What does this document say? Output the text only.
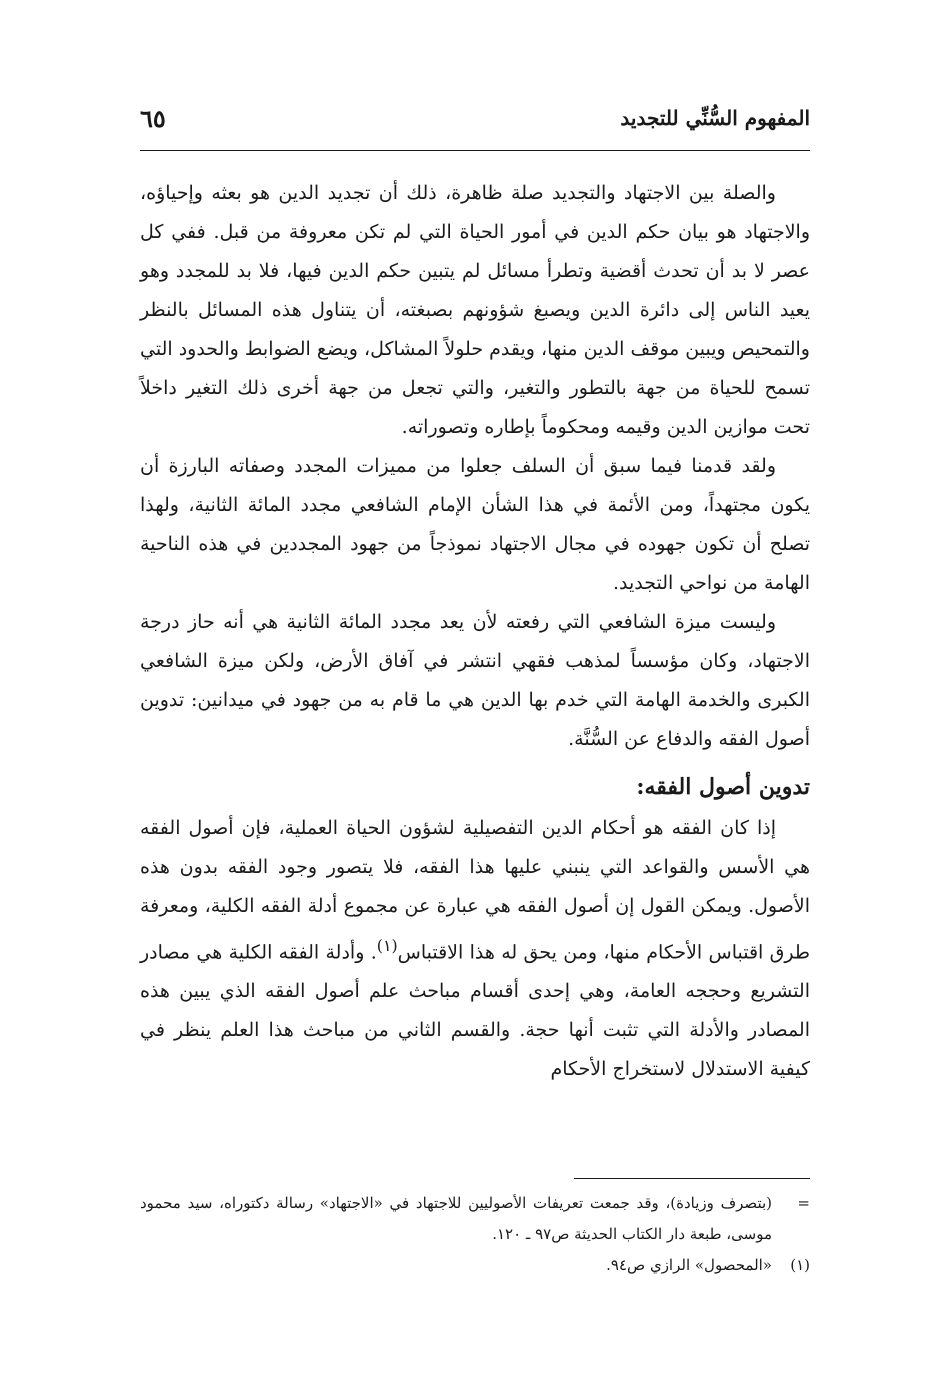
المفهوم السُّنِّي للتجديد
٦٥

والصلة بين الاجتهاد والتجديد صلة ظاهرة، ذلك أن تجديد الدين هو بعثه وإحياؤه، والاجتهاد هو بيان حكم الدين في أمور الحياة التي لم تكن معروفة من قبل. ففي كل عصر لا بد أن تحدث أقضية وتطرأ مسائل لم يتبين حكم الدين فيها، فلا بد للمجدد وهو يعيد الناس إلى دائرة الدين ويصبغ شؤونهم بصبغته، أن يتناول هذه المسائل بالنظر والتمحيص ويبين موقف الدين منها، ويقدم حلولاً المشاكل، ويضع الضوابط والحدود التي تسمح للحياة من جهة بالتطور والتغير، والتي تجعل من جهة أخرى ذلك التغير داخلاً تحت موازين الدين وقيمه ومحكوماً بإطاره وتصوراته.

ولقد قدمنا فيما سبق أن السلف جعلوا من مميزات المجدد وصفاته البارزة أن يكون مجتهداً، ومن الأئمة في هذا الشأن الإمام الشافعي مجدد المائة الثانية، ولهذا تصلح أن تكون جهوده في مجال الاجتهاد نموذجاً من جهود المجددين في هذه الناحية الهامة من نواحي التجديد.

وليست ميزة الشافعي التي رفعته لأن يعد مجدد المائة الثانية هي أنه حاز درجة الاجتهاد، وكان مؤسساً لمذهب فقهي انتشر في آفاق الأرض، ولكن ميزة الشافعي الكبرى والخدمة الهامة التي خدم بها الدين هي ما قام به من جهود في ميدانين: تدوين أصول الفقه والدفاع عن السُّنَّة.

تدوين أصول الفقه:

إذا كان الفقه هو أحكام الدين التفصيلية لشؤون الحياة العملية، فإن أصول الفقه هي الأسس والقواعد التي ينبني عليها هذا الفقه، فلا يتصور وجود الفقه بدون هذه الأصول. ويمكن القول إن أصول الفقه هي عبارة عن مجموع أدلة الفقه الكلية، ومعرفة طرق اقتباس الأحكام منها، ومن يحق له هذا الاقتباس$^{(١)}$. وأدلة الفقه الكلية هي مصادر التشريع وحججه العامة، وهي إحدى أقسام مباحث علم أصول الفقه الذي يبين هذه المصادر والأدلة التي تثبت أنها حجة. والقسم الثاني من مباحث هذا العلم ينظر في كيفية الاستدلال لاستخراج الأحكام

=
(بتصرف وزيادة)، وقد جمعت تعريفات الأصوليين للاجتهاد في «الاجتهاد» رسالة دكتوراه، سيد محمود موسى، طبعة دار الكتاب الحديثة ص٩٧ ـ ١٢٠.
(١)
«المحصول» الرازي ص٩٤.
